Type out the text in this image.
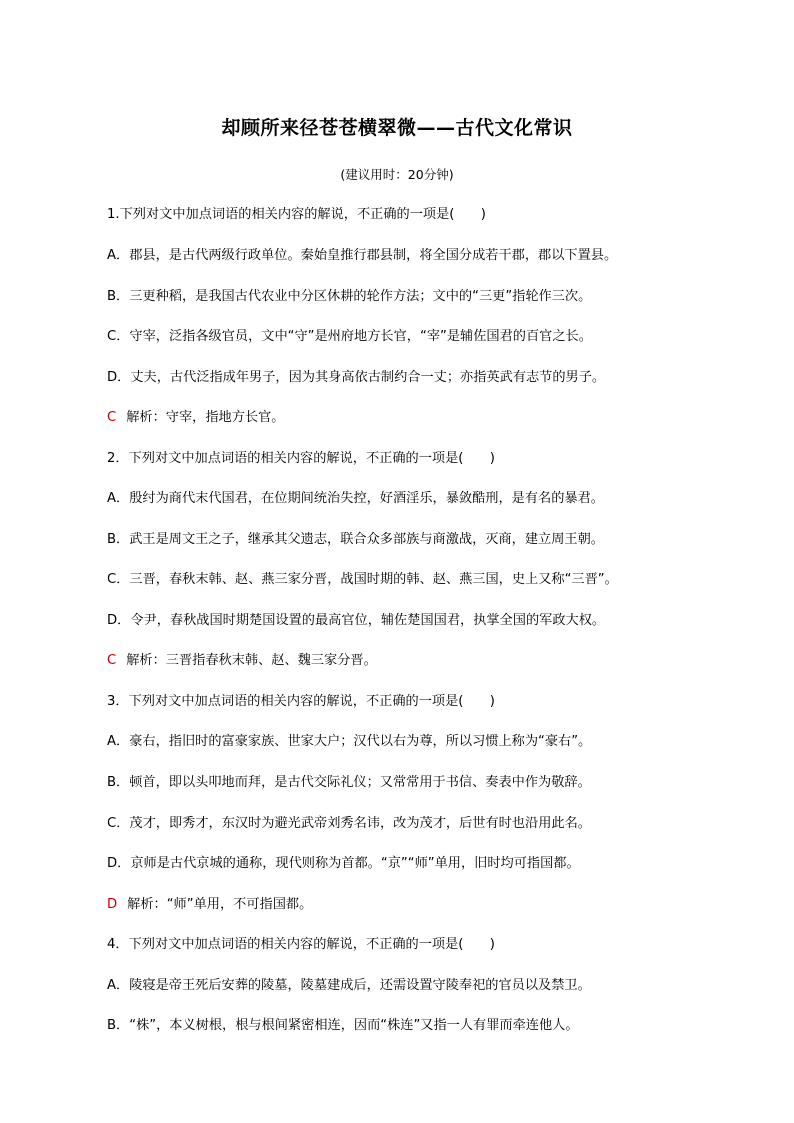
却顾所来径苍苍横翠微——古代文化常识
(建议用时：20分钟)
1.下列对文中加点词语的相关内容的解说，不正确的一项是(　　)
A．郡县，是古代两级行政单位。秦始皇推行郡县制，将全国分成若干郡，郡以下置县。
B．三更种稻，是我国古代农业中分区休耕的轮作方法；文中的“三更”指轮作三次。
C．守宰，泛指各级官员，文中“守”是州府地方长官，“宰”是辅佐国君的百官之长。
D．丈夫，古代泛指成年男子，因为其身高依古制约合一丈；亦指英武有志节的男子。
C 解析：守宰，指地方长官。
2．下列对文中加点词语的相关内容的解说，不正确的一项是(　　)
A．殷纣为商代末代国君，在位期间统治失控，好酒淫乐，暴敛酷刑，是有名的暴君。
B．武王是周文王之子，继承其父遗志，联合众多部族与商激战，灭商，建立周王朝。
C．三晋，春秋末韩、赵、燕三家分晋，战国时期的韩、赵、燕三国，史上又称“三晋”。
D．令尹，春秋战国时期楚国设置的最高官位，辅佐楚国国君，执掌全国的军政大权。
C 解析：三晋指春秋末韩、赵、魏三家分晋。
3．下列对文中加点词语的相关内容的解说，不正确的一项是(　　)
A．豪右，指旧时的富豪家族、世家大户；汉代以右为尊，所以习惯上称为“豪右”。
B．顿首，即以头叩地而拜，是古代交际礼仪；又常常用于书信、奏表中作为敬辞。
C．茂才，即秀才，东汉时为避光武帝刘秀名讳，改为茂才，后世有时也沿用此名。
D．京师是古代京城的通称，现代则称为首都。“京”“师”单用，旧时均可指国都。
D 解析：“师”单用，不可指国都。
4．下列对文中加点词语的相关内容的解说，不正确的一项是(　　)
A．陵寝是帝王死后安葬的陵墓，陵墓建成后，还需设置守陵奉祀的官员以及禁卫。
B．“株”，本义树根，根与根间紧密相连，因而“株连”又指一人有罪而牵连他人。
